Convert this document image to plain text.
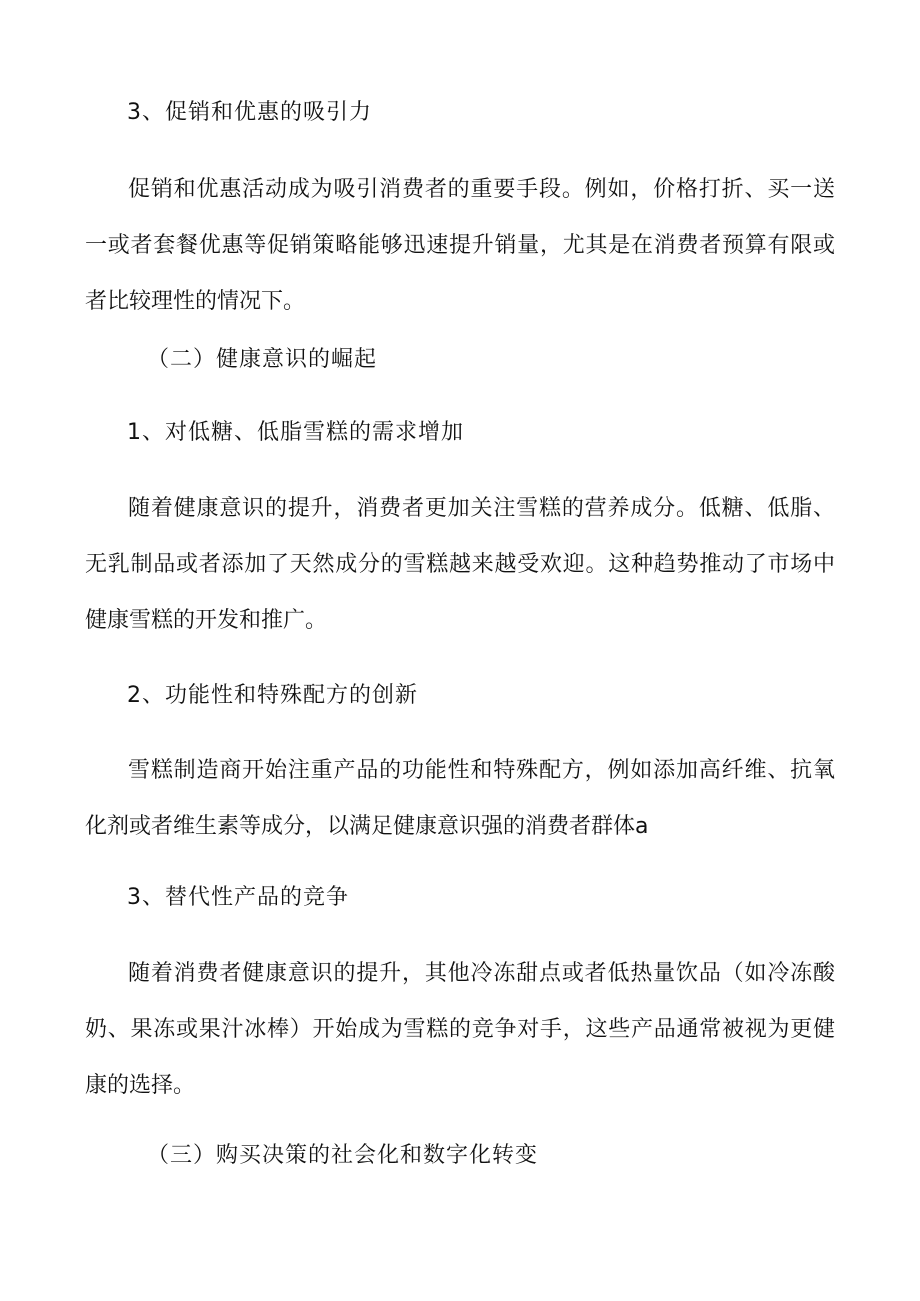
3、促销和优惠的吸引力

促销和优惠活动成为吸引消费者的重要手段。例如，价格打折、买一送

一或者套餐优惠等促销策略能够迅速提升销量，尤其是在消费者预算有限或

者比较理性的情况下。

（二）健康意识的崛起

1、对低糖、低脂雪糕的需求增加

随着健康意识的提升，消费者更加关注雪糕的营养成分。低糖、低脂、

无乳制品或者添加了天然成分的雪糕越来越受欢迎。这种趋势推动了市场中

健康雪糕的开发和推广。

2、功能性和特殊配方的创新

雪糕制造商开始注重产品的功能性和特殊配方，例如添加高纤维、抗氧

化剂或者维生素等成分，以满足健康意识强的消费者群体a

3、替代性产品的竞争

随着消费者健康意识的提升，其他冷冻甜点或者低热量饮品（如冷冻酸

奶、果冻或果汁冰棒）开始成为雪糕的竞争对手，这些产品通常被视为更健

康的选择。

（三）购买决策的社会化和数字化转变
